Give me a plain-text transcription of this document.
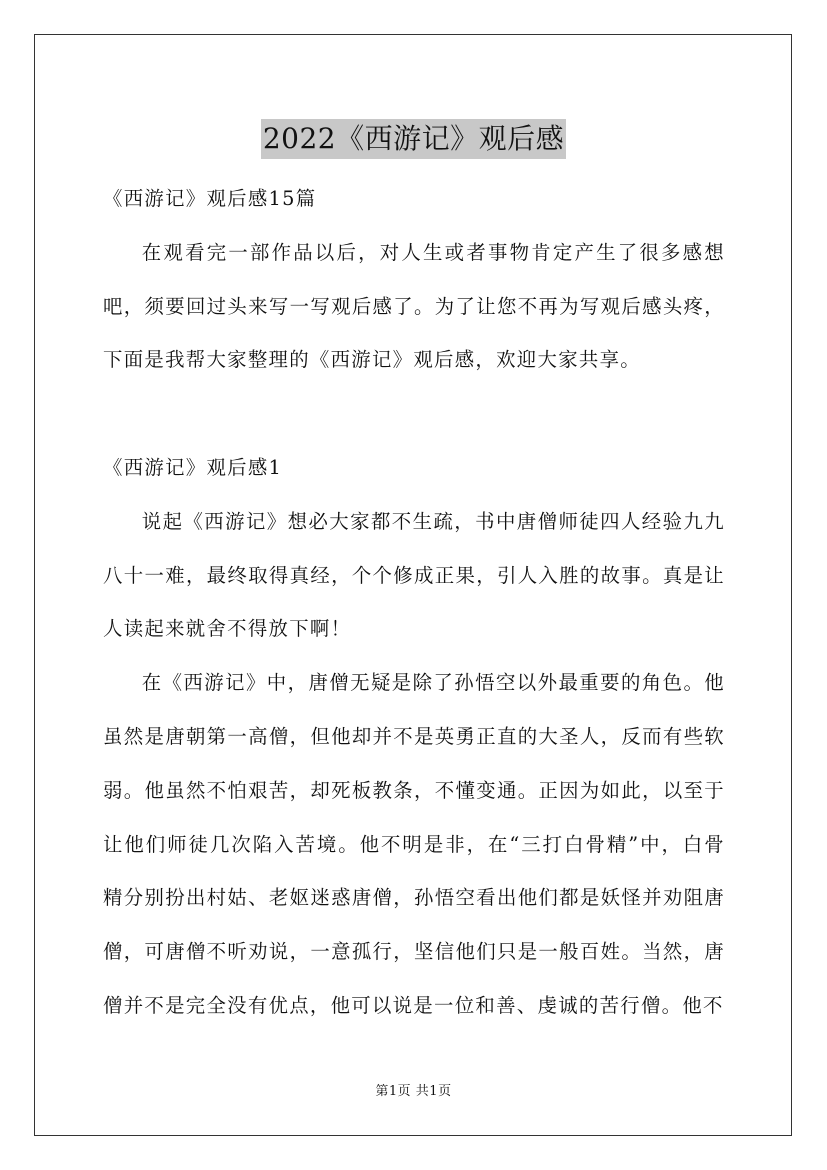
2022《西游记》观后感

《西游记》观后感15篇

在观看完一部作品以后，对人生或者事物肯定产生了很多感想吧，须要回过头来写一写观后感了。为了让您不再为写观后感头疼，下面是我帮大家整理的《西游记》观后感，欢迎大家共享。

《西游记》观后感1

说起《西游记》想必大家都不生疏，书中唐僧师徒四人经验九九八十一难，最终取得真经，个个修成正果，引人入胜的故事。真是让人读起来就舍不得放下啊！

在《西游记》中，唐僧无疑是除了孙悟空以外最重要的角色。他虽然是唐朝第一高僧，但他却并不是英勇正直的大圣人，反而有些软弱。他虽然不怕艰苦，却死板教条，不懂变通。正因为如此，以至于让他们师徒几次陷入苦境。他不明是非，在“三打白骨精”中，白骨精分别扮出村姑、老妪迷惑唐僧，孙悟空看出他们都是妖怪并劝阻唐僧，可唐僧不听劝说，一意孤行，坚信他们只是一般百姓。当然，唐僧并不是完全没有优点，他可以说是一位和善、虔诚的苦行僧。他不

第1页 共1页
